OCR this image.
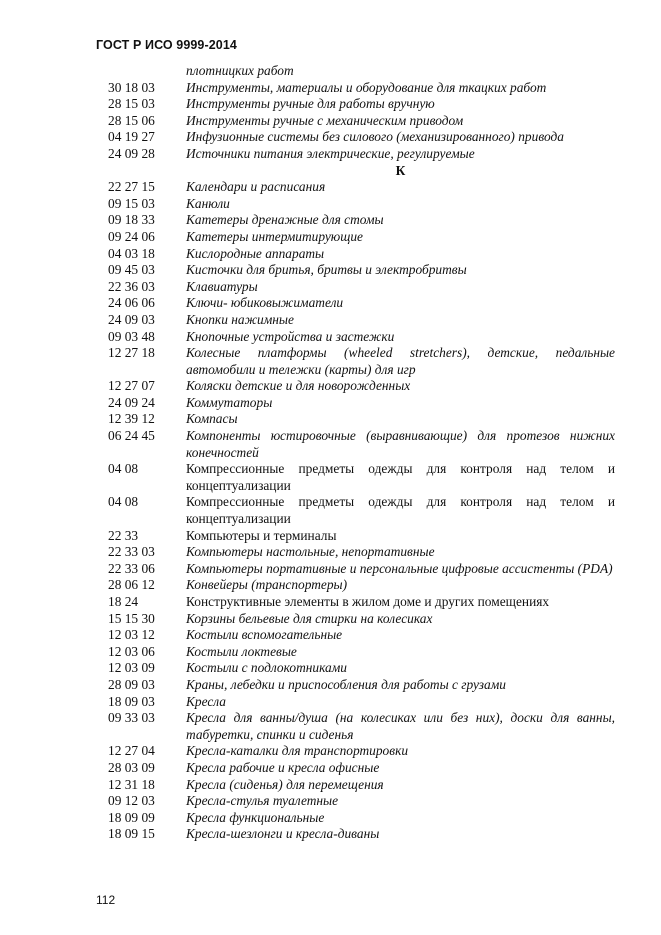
ГОСТ Р ИСО 9999-2014
плотницких работ
30 18 03	Инструменты, материалы и оборудование для ткацких работ
28 15 03	Инструменты ручные для работы вручную
28 15 06	Инструменты ручные с механическим приводом
04 19 27	Инфузионные системы без силового (механизированного) привода
24 09 28	Источники питания электрические, регулируемые
К
22 27 15	Календари и расписания
09 15 03	Канюли
09 18 33	Катетеры дренажные для стомы
09 24 06	Катетеры интермитирующие
04 03 18	Кислородные аппараты
09 45 03	Кисточки для бритья, бритвы и электробритвы
22 36 03	Клавиатуры
24 06 06	Ключи- юбиковыжиматели
24 09 03	Кнопки нажимные
09 03 48	Кнопочные устройства и застежки
12 27 18	Колесные платформы (wheeled stretchers), детские, педальные автомобили и тележки (карты) для игр
12 27 07	Коляски детские и для новорожденных
24 09 24	Коммутаторы
12 39 12	Компасы
06 24 45	Компоненты юстировочные (выравнивающие) для протезов нижних конечностей
04 08	Компрессионные предметы одежды для контроля над телом и концептуализации
04 08	Компрессионные предметы одежды для контроля над телом и концептуализации
22 33	Компьютеры и терминалы
22 33 03	Компьютеры настольные, непортативные
22 33 06	Компьютеры портативные и персональные цифровые ассистенты (PDA)
28 06 12	Конвейеры (транспортеры)
18 24	Конструктивные элементы в жилом доме и других помещениях
15 15 30	Корзины бельевые для стирки на колесиках
12 03 12	Костыли вспомогательные
12 03 06	Костыли локтевые
12 03 09	Костыли с подлокотниками
28 09 03	Краны, лебедки и приспособления для работы с грузами
18 09 03	Кресла
09 33 03	Кресла для ванны/душа (на колесиках или без них), доски для ванны, табуретки, спинки и сиденья
12 27 04	Кресла-каталки для транспортировки
28 03 09	Кресла рабочие и кресла офисные
12 31 18	Кресла (сиденья) для перемещения
09 12 03	Кресла-стулья туалетные
18 09 09	Кресла функциональные
18 09 15	Кресла-шезлонги и кресла-диваны
112
